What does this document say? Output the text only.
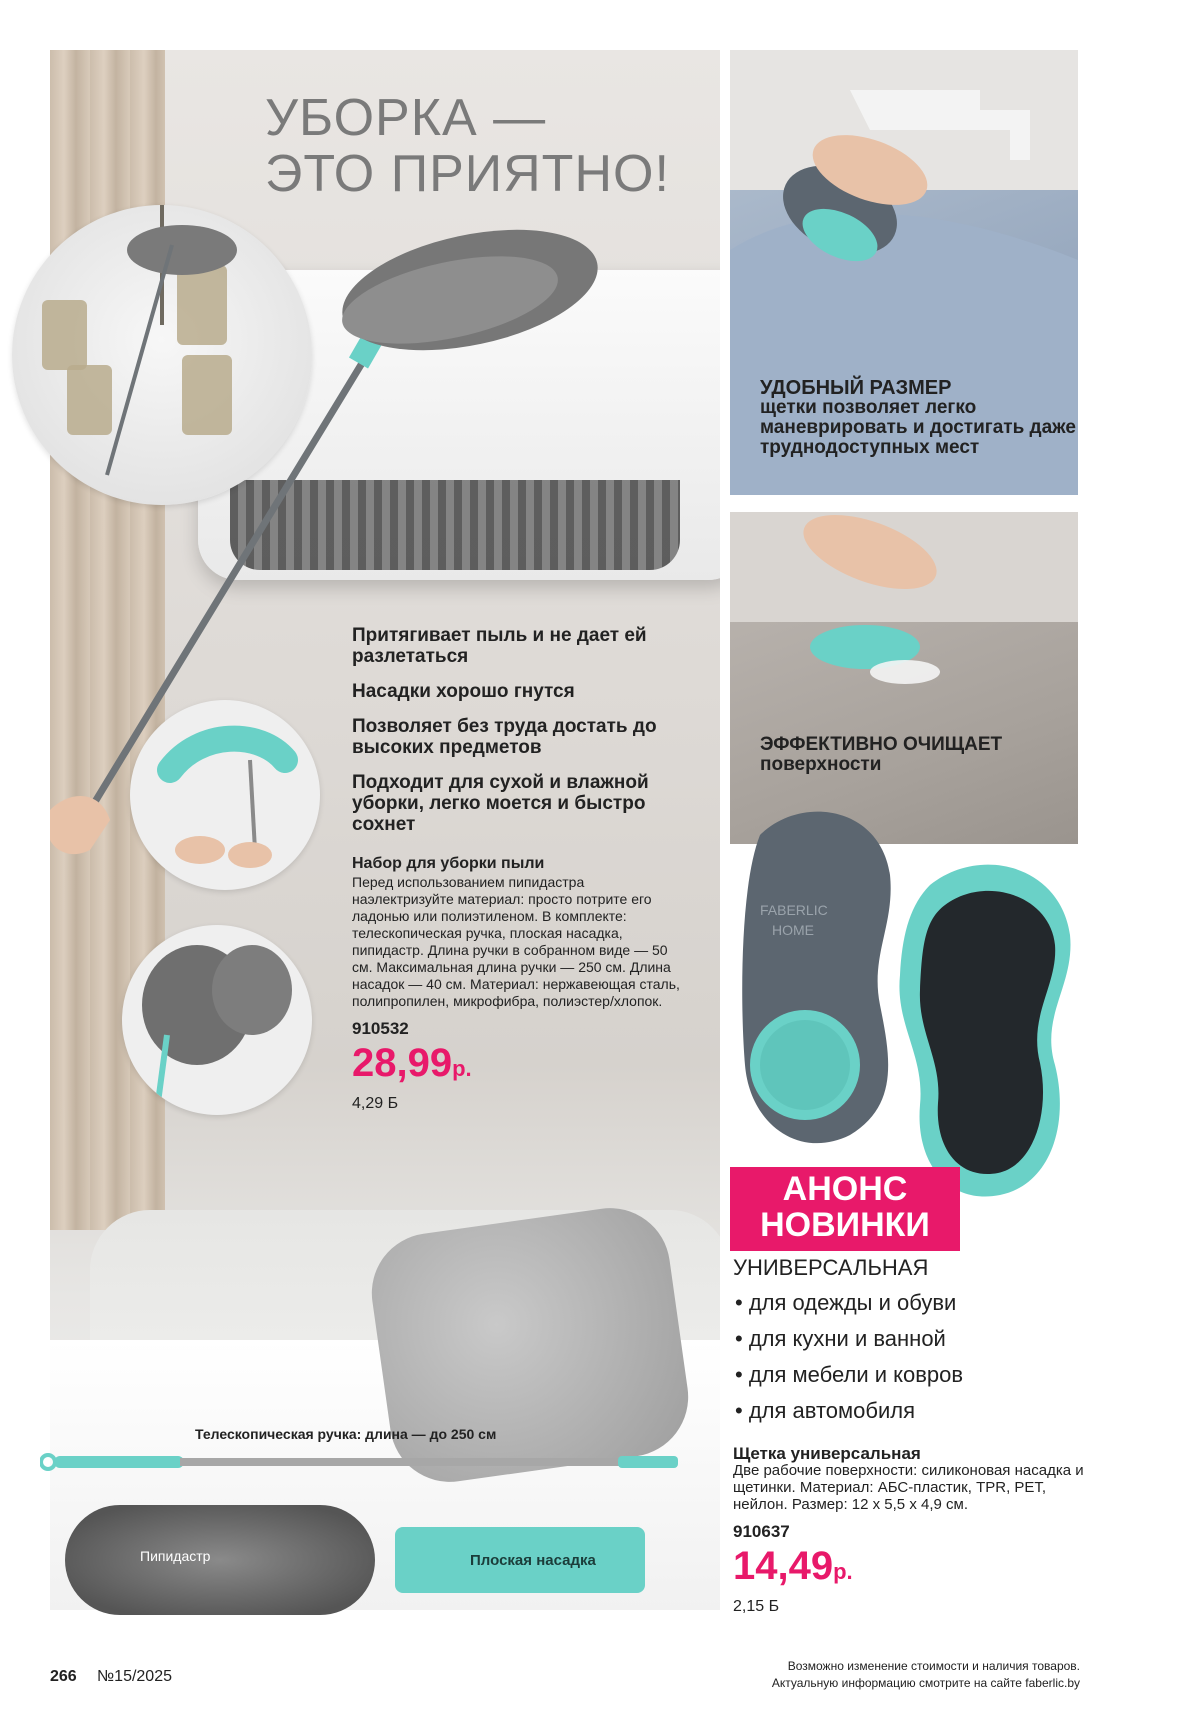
УБОРКА —
ЭТО ПРИЯТНО!

Притягивает пыль и не дает ей разлетаться

Насадки хорошо гнутся

Позволяет без труда достать до высоких предметов

Подходит для сухой и влажной уборки, легко моется и быстро сохнет

Набор для уборки пыли
Перед использованием пипидастра наэлектризуйте материал: просто потрите его ладонью или полиэтиленом. В комплекте: телескопическая ручка, плоская насадка, пипидастр. Длина ручки в собранном виде — 50 см. Максимальная длина ручки — 250 см. Длина насадок — 40 см. Материал: нержавеющая сталь, полипропилен, микрофибра, полиэстер/хлопок.
910532
28,99р.
4,29 Б
Телескопическая ручка: длина — до 250 см
Пипидастр	Плоская насадка
УДОБНЫЙ РАЗМЕР
щетки позволяет легко маневрировать и достигать даже труднодоступных мест
ЭФФЕКТИВНО ОЧИЩАЕТ
поверхности
FABERLIC
HOME
АНОНС
НОВИНКИ
УНИВЕРСАЛЬНАЯ
• для одежды и обуви
• для кухни и ванной
• для мебели и ковров
• для автомобиля
Щетка универсальная
Две рабочие поверхности: силиконовая насадка и щетинки. Материал: АБС-пластик, TPR, PET, нейлон. Размер: 12 х 5,5 х 4,9 см.
910637
14,49р.
2,15 Б
266 №15/2025
Возможно изменение стоимости и наличия товаров.
Актуальную информацию смотрите на сайте faberlic.by
